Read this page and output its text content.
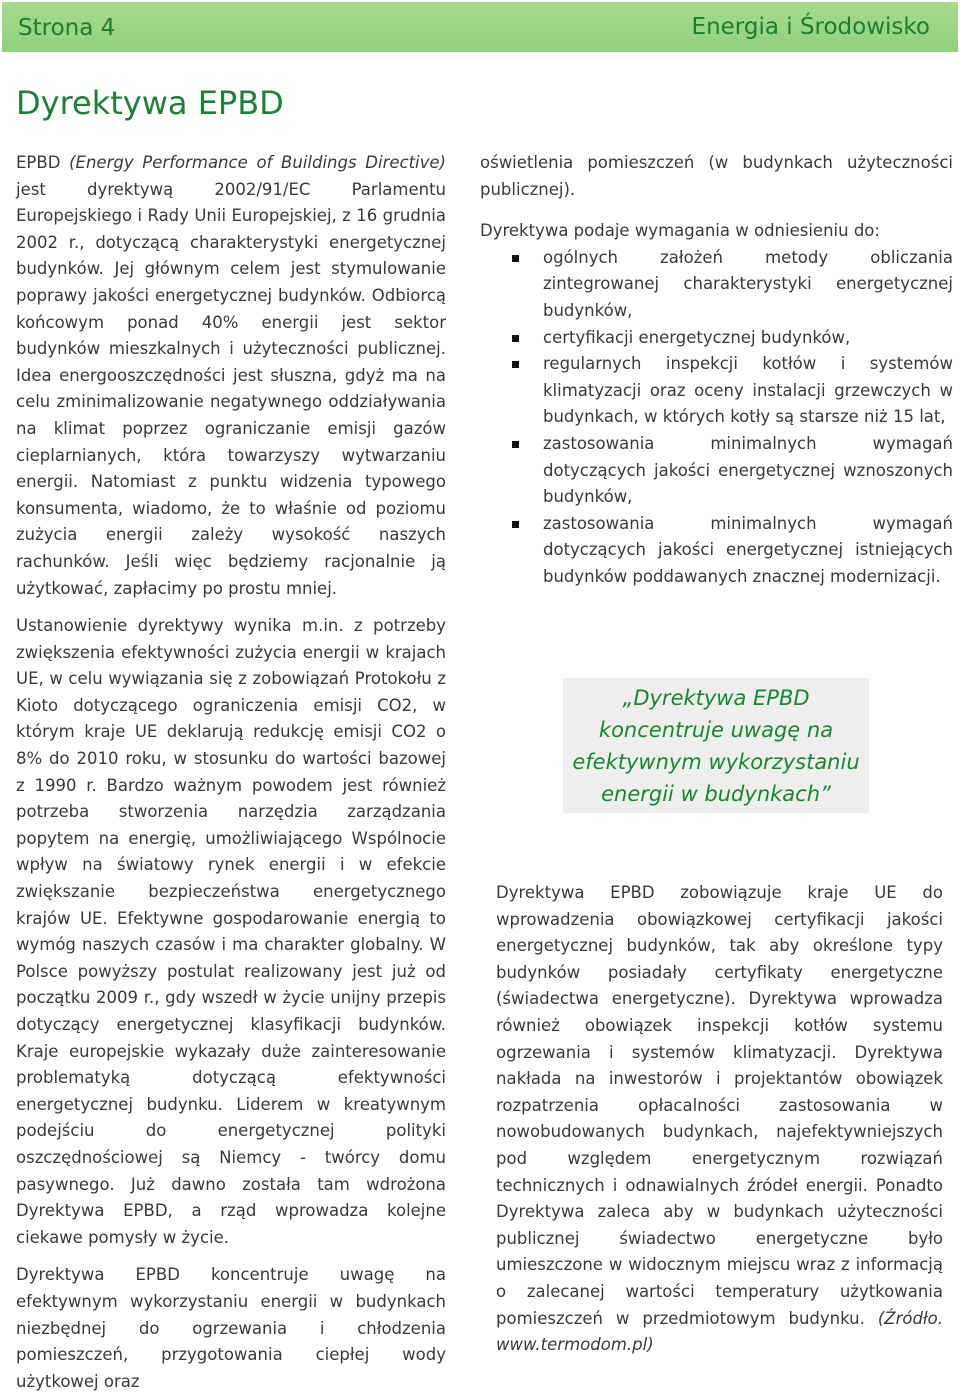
Strona 4	Energia i Środowisko
Dyrektywa EPBD

EPBD (Energy Performance of Buildings Directive) jest dyrektywą 2002/91/EC Parlamentu Europejskiego i Rady Unii Europejskiej, z 16 grudnia 2002 r., dotyczącą charakterystyki energetycznej budynków. Jej głównym celem jest stymulowanie poprawy jakości energetycznej budynków. Odbiorcą końcowym ponad 40% energii jest sektor budynków mieszkalnych i użyteczności publicznej. Idea energooszczędności jest słuszna, gdyż ma na celu zminimalizowanie negatywnego oddziaływania na klimat poprzez ograniczanie emisji gazów cieplarnianych, która towarzyszy wytwarzaniu energii. Natomiast z punktu widzenia typowego konsumenta, wiadomo, że to właśnie od poziomu zużycia energii zależy wysokość naszych rachunków. Jeśli więc będziemy racjonalnie ją użytkować, zapłacimy po prostu mniej.

Ustanowienie dyrektywy wynika m.in. z potrzeby zwiększenia efektywności zużycia energii w krajach UE, w celu wywiązania się z zobowiązań Protokołu z Kioto dotyczącego ograniczenia emisji CO2, w którym kraje UE deklarują redukcję emisji CO2 o 8% do 2010 roku, w stosunku do wartości bazowej z 1990 r. Bardzo ważnym powodem jest również potrzeba stworzenia narzędzia zarządzania popytem na energię, umożliwiającego Wspólnocie wpływ na światowy rynek energii i w efekcie zwiększanie bezpieczeństwa energetycznego krajów UE. Efektywne gospodarowanie energią to wymóg naszych czasów i ma charakter globalny. W Polsce powyższy postulat realizowany jest już od początku 2009 r., gdy wszedł w życie unijny przepis dotyczący energetycznej klasyfikacji budynków. Kraje europejskie wykazały duże zainteresowanie problematyką dotyczącą efektywności energetycznej budynku. Liderem w kreatywnym podejściu do energetycznej polityki oszczędnościowej są Niemcy - twórcy domu pasywnego. Już dawno została tam wdrożona Dyrektywa EPBD, a rząd wprowadza kolejne ciekawe pomysły w życie.

Dyrektywa EPBD koncentruje uwagę na efektywnym wykorzystaniu energii w budynkach niezbędnej do ogrzewania i chłodzenia pomieszczeń, przygotowania ciepłej wody użytkowej oraz

oświetlenia pomieszczeń (w budynkach użyteczności publicznej).

Dyrektywa podaje wymagania w odniesieniu do:

ogólnych założeń metody obliczania zintegrowanej charakterystyki energetycznej budynków,
certyfikacji energetycznej budynków,
regularnych inspekcji kotłów i systemów klimatyzacji oraz oceny instalacji grzewczych w budynkach, w których kotły są starsze niż 15 lat,
zastosowania minimalnych wymagań dotyczących jakości energetycznej wznoszonych budynków,
zastosowania minimalnych wymagań dotyczących jakości energetycznej istniejących budynków poddawanych znacznej modernizacji.
„Dyrektywa EPBD koncentruje uwagę na efektywnym wykorzystaniu energii w budynkach”

Dyrektywa EPBD zobowiązuje kraje UE do wprowadzenia obowiązkowej certyfikacji jakości energetycznej budynków, tak aby określone typy budynków posiadały certyfikaty energetyczne (świadectwa energetyczne). Dyrektywa wprowadza również obowiązek inspekcji kotłów systemu ogrzewania i systemów klimatyzacji. Dyrektywa nakłada na inwestorów i projektantów obowiązek rozpatrzenia opłacalności zastosowania w nowobudowanych budynkach, najefektywniejszych pod względem energetycznym rozwiązań technicznych i odnawialnych źródeł energii. Ponadto Dyrektywa zaleca aby w budynkach użyteczności publicznej świadectwo energetyczne było umieszczone w widocznym miejscu wraz z informacją o zalecanej wartości temperatury użytkowania pomieszczeń w przedmiotowym budynku. (Źródło. www.termodom.pl)
